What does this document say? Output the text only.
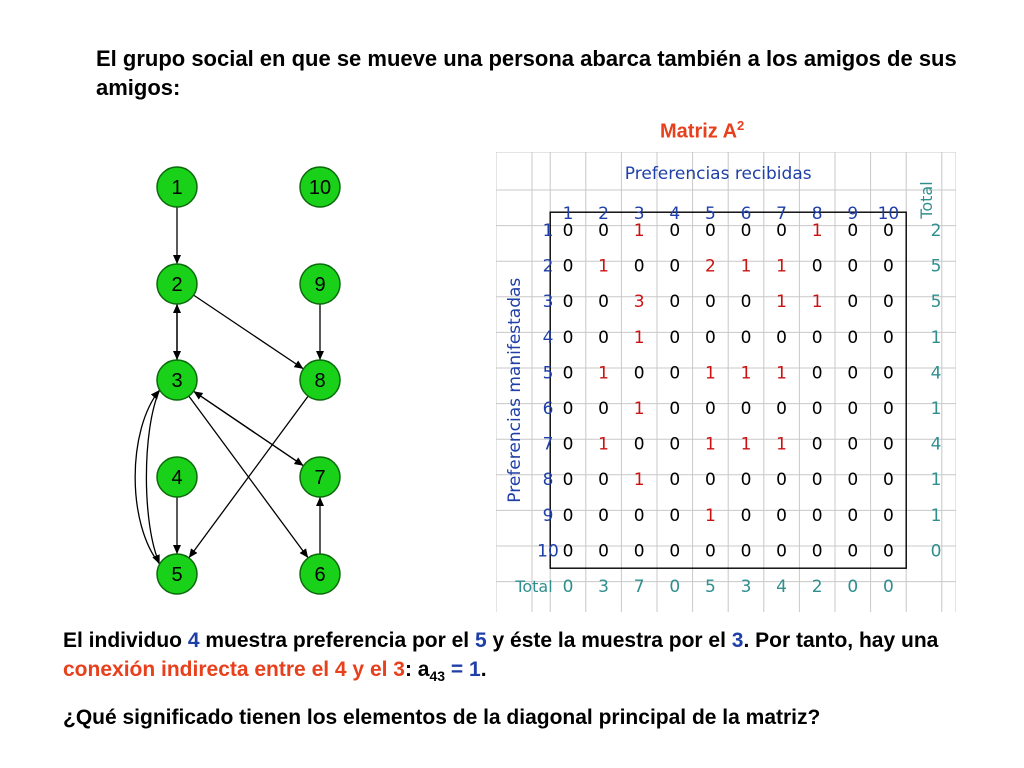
El grupo social en que se mueve una persona abarca también a los amigos de sus amigos:

Matriz $A^2$
1
2
3
4
5	6
7
8
9
10
Preferencias recibidas
Total
Preferencias manifestadas
1 2 3 4 5 6 7 8 9 10
1
2
3
4
5
6
7
8
9
10
0 0 1 0 0 0 0 1 0 0 2
0 1 0 0 2 1 1 0 0 0 5
0 0 3 0 0 0 1 1 0 0 5
0 0 1 0 0 0 0 0 0 0 1
0 1 0 0 1 1 1 0 0 0 4
0 0 1 0 0 0 0 0 0 0 1
0 1 0 0 1 1 1 0 0 0 4
0 0 1 0 0 0 0 0 0 0 1
0 0 0 0 1 0 0 0 0 0 1
0 0 0 0 0 0 0 0 0 0 0
Total 0 3 7 0 5 3 4 2 0 0

El individuo 4 muestra preferencia por el 5 y éste la muestra por el 3. Por tanto, hay una conexión indirecta entre el 4 y el 3: $a_{43} = 1$.

¿Qué significado tienen los elementos de la diagonal principal de la matriz?
